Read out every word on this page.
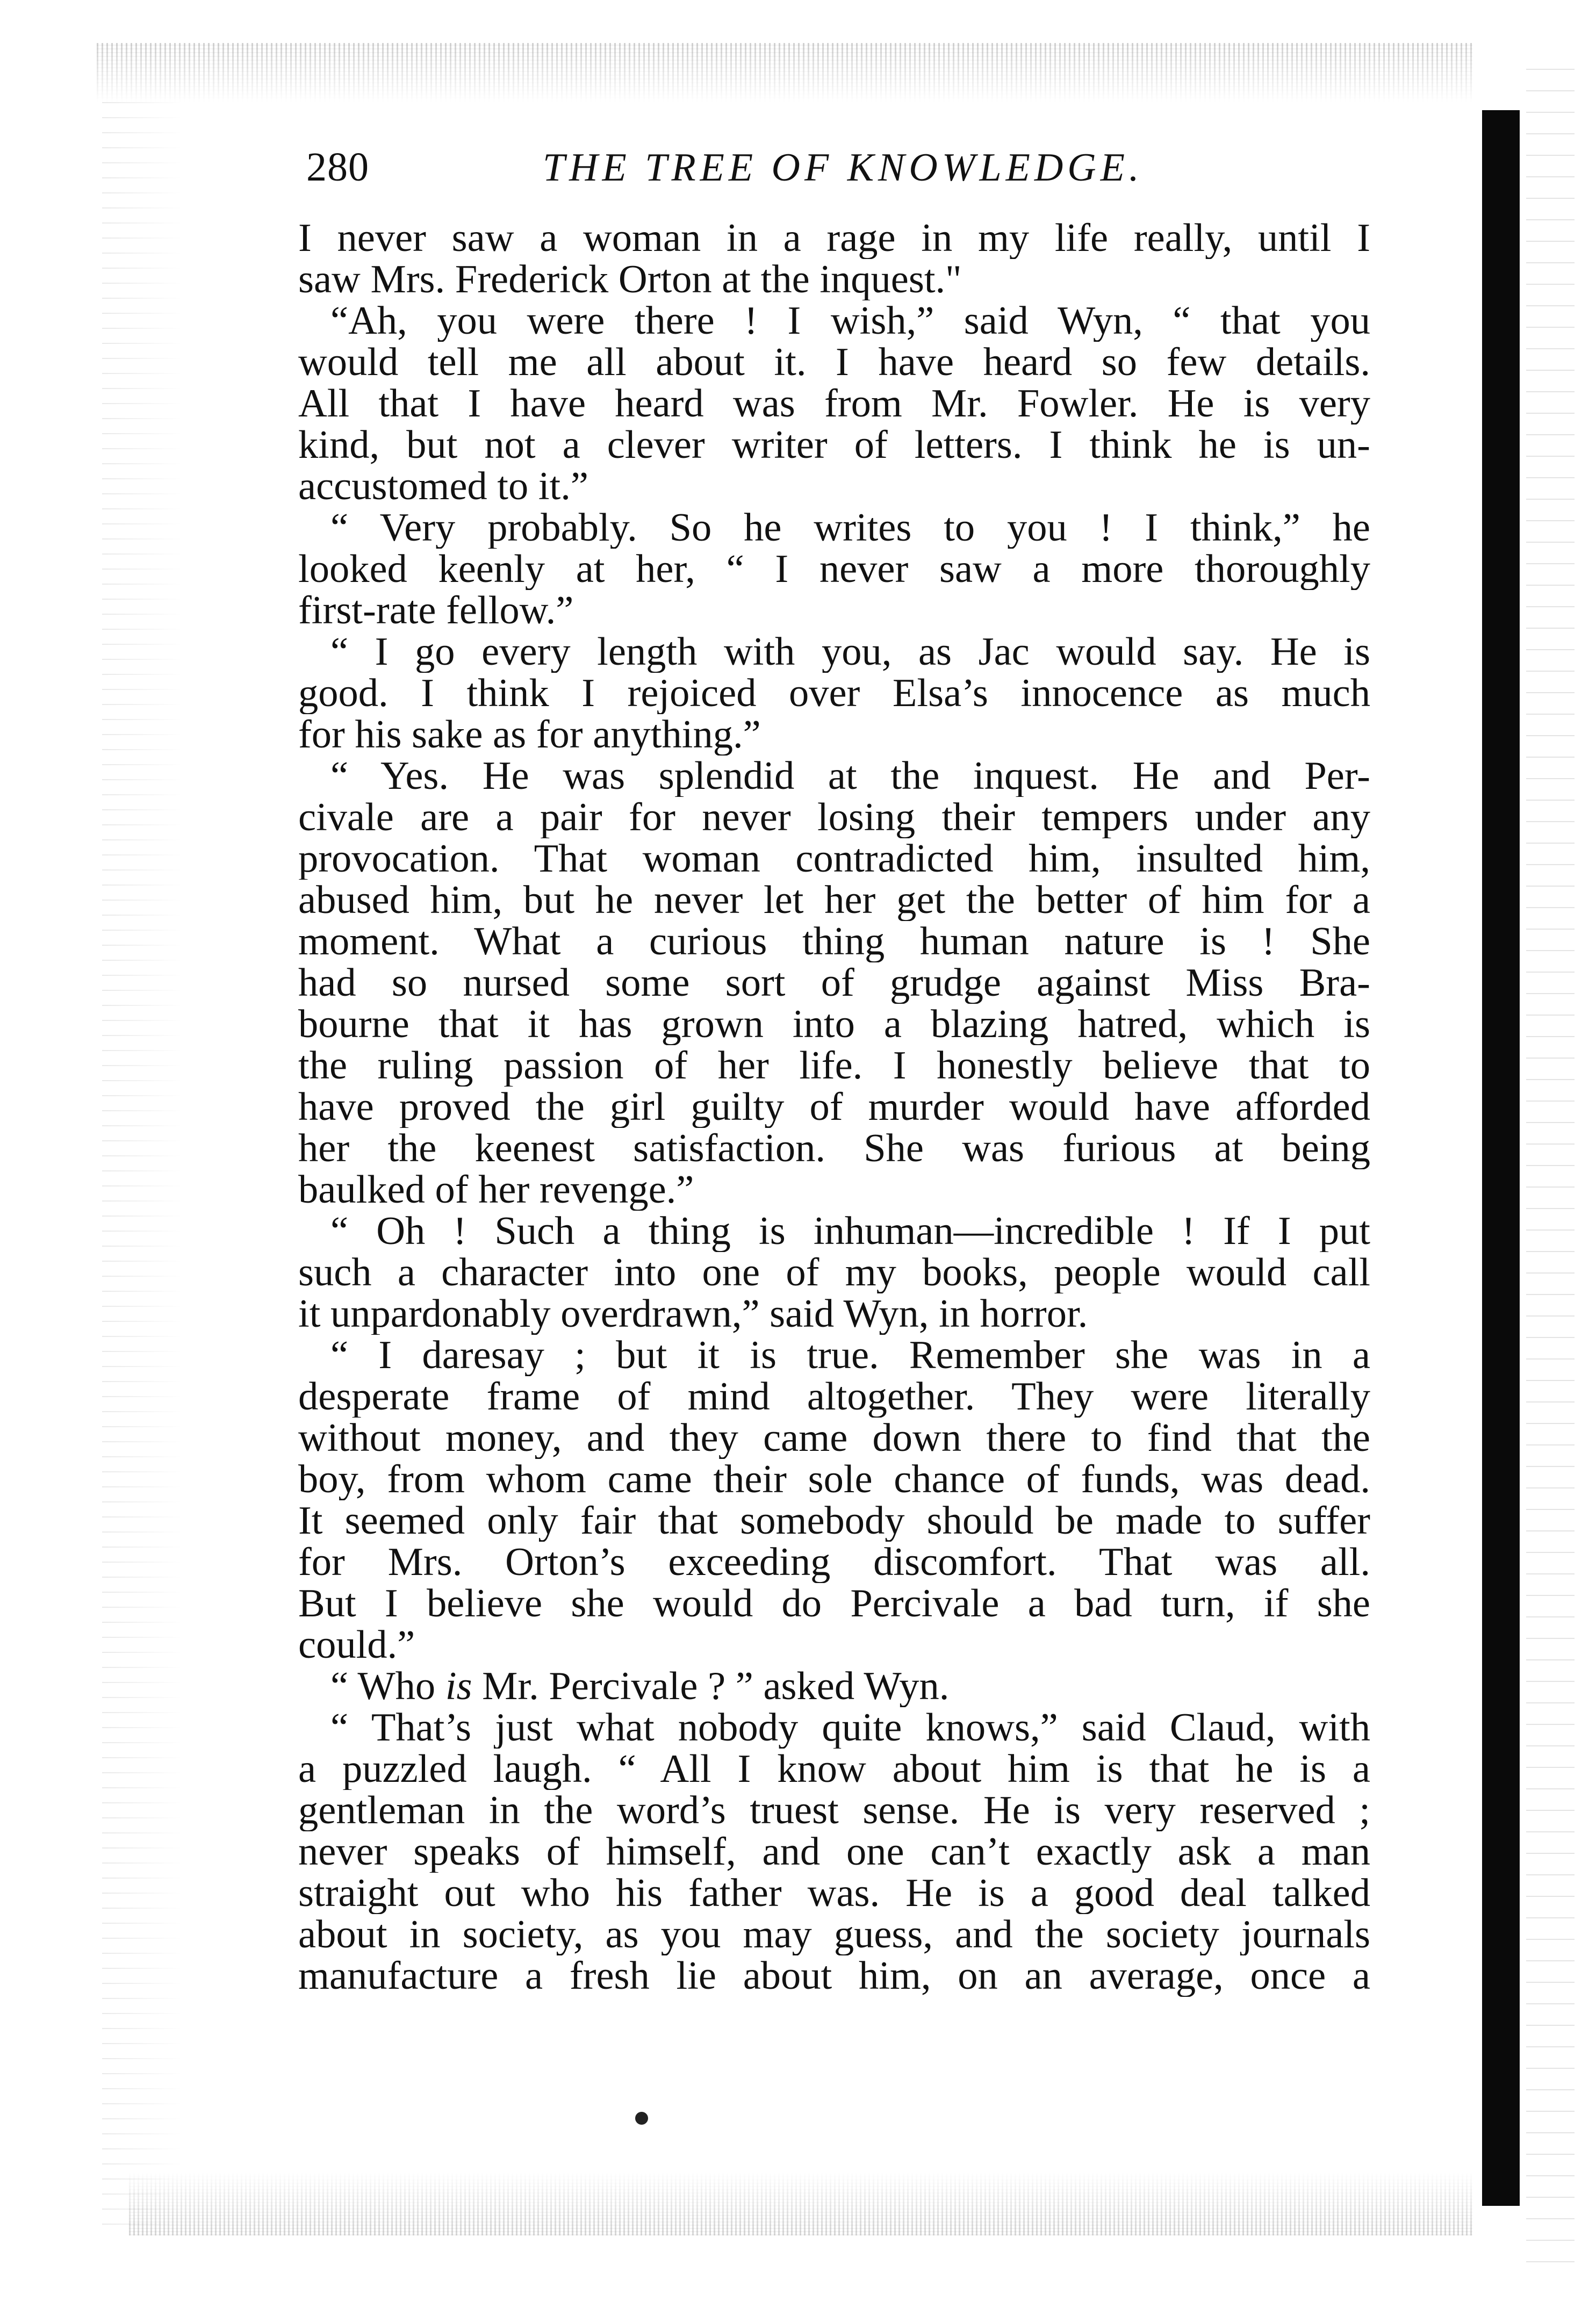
280	THE TREE OF KNOWLEDGE.
I never saw a woman in a rage in my life really, until I
saw Mrs. Frederick Orton at the inquest."
“Ah, you were there ! I wish,” said Wyn, “ that you
would tell me all about it. I have heard so few details.
All that I have heard was from Mr. Fowler. He is very
kind, but not a clever writer of letters. I think he is un-
accustomed to it.”
“ Very probably. So he writes to you ! I think,” he
looked keenly at her, “ I never saw a more thoroughly
first-rate fellow.”
“ I go every length with you, as Jac would say. He is
good. I think I rejoiced over Elsa’s innocence as much
for his sake as for anything.”
“ Yes. He was splendid at the inquest. He and Per-
civale are a pair for never losing their tempers under any
provocation. That woman contradicted him, insulted him,
abused him, but he never let her get the better of him for a
moment. What a curious thing human nature is ! She
had so nursed some sort of grudge against Miss Bra-
bourne that it has grown into a blazing hatred, which is
the ruling passion of her life. I honestly believe that to
have proved the girl guilty of murder would have afforded
her the keenest satisfaction. She was furious at being
baulked of her revenge.”
“ Oh ! Such a thing is inhuman—incredible ! If I put
such a character into one of my books, people would call
it unpardonably overdrawn,” said Wyn, in horror.
“ I daresay ; but it is true. Remember she was in a
desperate frame of mind altogether. They were literally
without money, and they came down there to find that the
boy, from whom came their sole chance of funds, was dead.
It seemed only fair that somebody should be made to suffer
for Mrs. Orton’s exceeding discomfort. That was all.
But I believe she would do Percivale a bad turn, if she
could.”
“ Who is Mr. Percivale ? ” asked Wyn.
“ That’s just what nobody quite knows,” said Claud, with
a puzzled laugh. “ All I know about him is that he is a
gentleman in the word’s truest sense. He is very reserved ;
never speaks of himself, and one can’t exactly ask a man
straight out who his father was. He is a good deal talked
about in society, as you may guess, and the society journals
manufacture a fresh lie about him, on an average, once a
